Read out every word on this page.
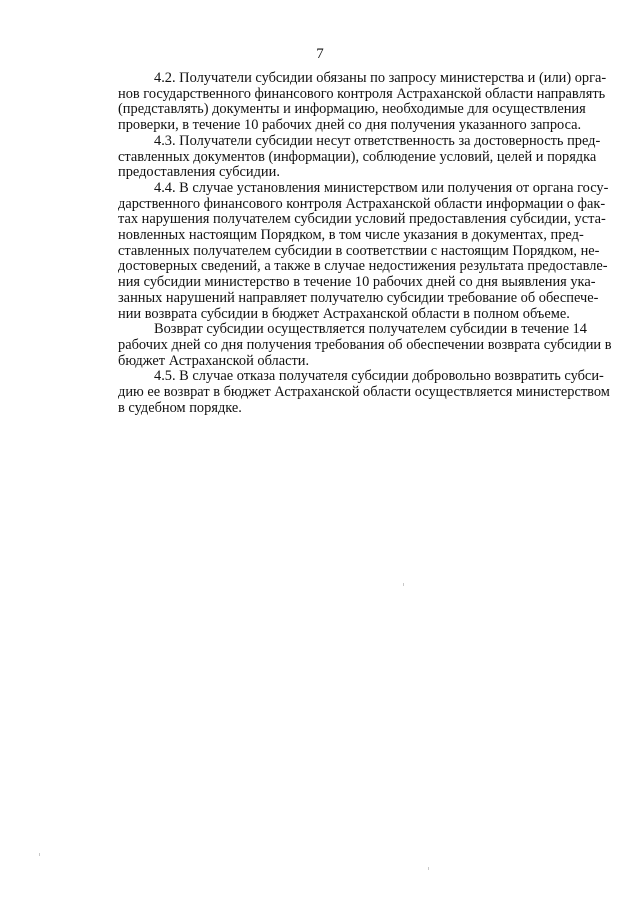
7

4.2. Получатели субсидии обязаны по запросу министерства и (или) орга-
нов государственного финансового контроля Астраханской области направлять
(представлять) документы и информацию, необходимые для осуществления
проверки, в течение 10 рабочих дней со дня получения указанного запроса.

4.3. Получатели субсидии несут ответственность за достоверность пред-
ставленных документов (информации), соблюдение условий, целей и порядка
предоставления субсидии.

4.4. В случае установления министерством или получения от органа госу-
дарственного финансового контроля Астраханской области информации о фак-
тах нарушения получателем субсидии условий предоставления субсидии, уста-
новленных настоящим Порядком, в том числе указания в документах, пред-
ставленных получателем субсидии в соответствии с настоящим Порядком, не-
достоверных сведений, а также в случае недостижения результата предоставле-
ния субсидии министерство в течение 10 рабочих дней со дня выявления ука-
занных нарушений направляет получателю субсидии требование об обеспече-
нии возврата субсидии в бюджет Астраханской области в полном объеме.

Возврат субсидии осуществляется получателем субсидии в течение 14
рабочих дней со дня получения требования об обеспечении возврата субсидии в
бюджет Астраханской области.

4.5. В случае отказа получателя субсидии добровольно возвратить субси-
дию ее возврат в бюджет Астраханской области осуществляется министерством
в судебном порядке.
